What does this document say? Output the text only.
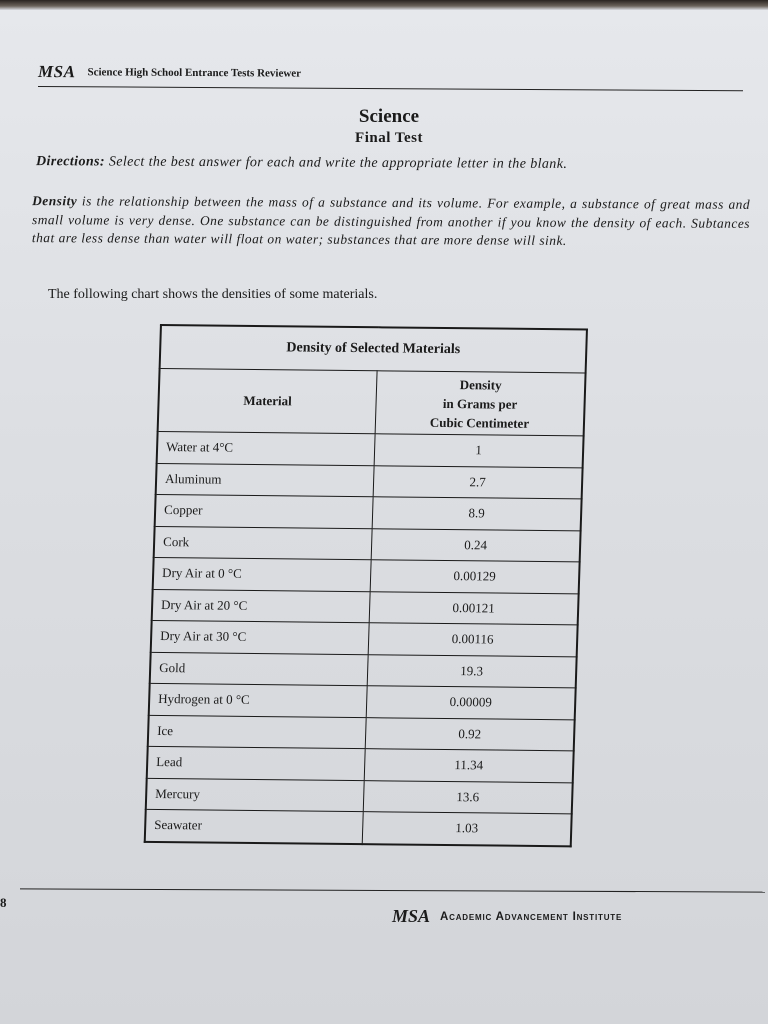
MSA Science High School Entrance Tests Reviewer
Science
Final Test
Directions: Select the best answer for each and write the appropriate letter in the blank.
Density is the relationship between the mass of a substance and its volume. For example, a substance of great mass and small volume is very dense. One substance can be distinguished from another if you know the density of each. Subtances that are less dense than water will float on water; substances that are more dense will sink.
The following chart shows the densities of some materials.
Density of Selected Materials	
Material	Density
in Grams per
Cubic Centimeter
Water at 4°C	1
Aluminum	2.7
Copper	8.9
Cork	0.24
Dry Air at 0 °C	0.00129
Dry Air at 20 °C	0.00121
Dry Air at 30 °C	0.00116
Gold	19.3
Hydrogen at 0 °C	0.00009
Ice	0.92
Lead	11.34
Mercury	13.6
Seawater	1.03
8
MSA Academic Advancement Institute
